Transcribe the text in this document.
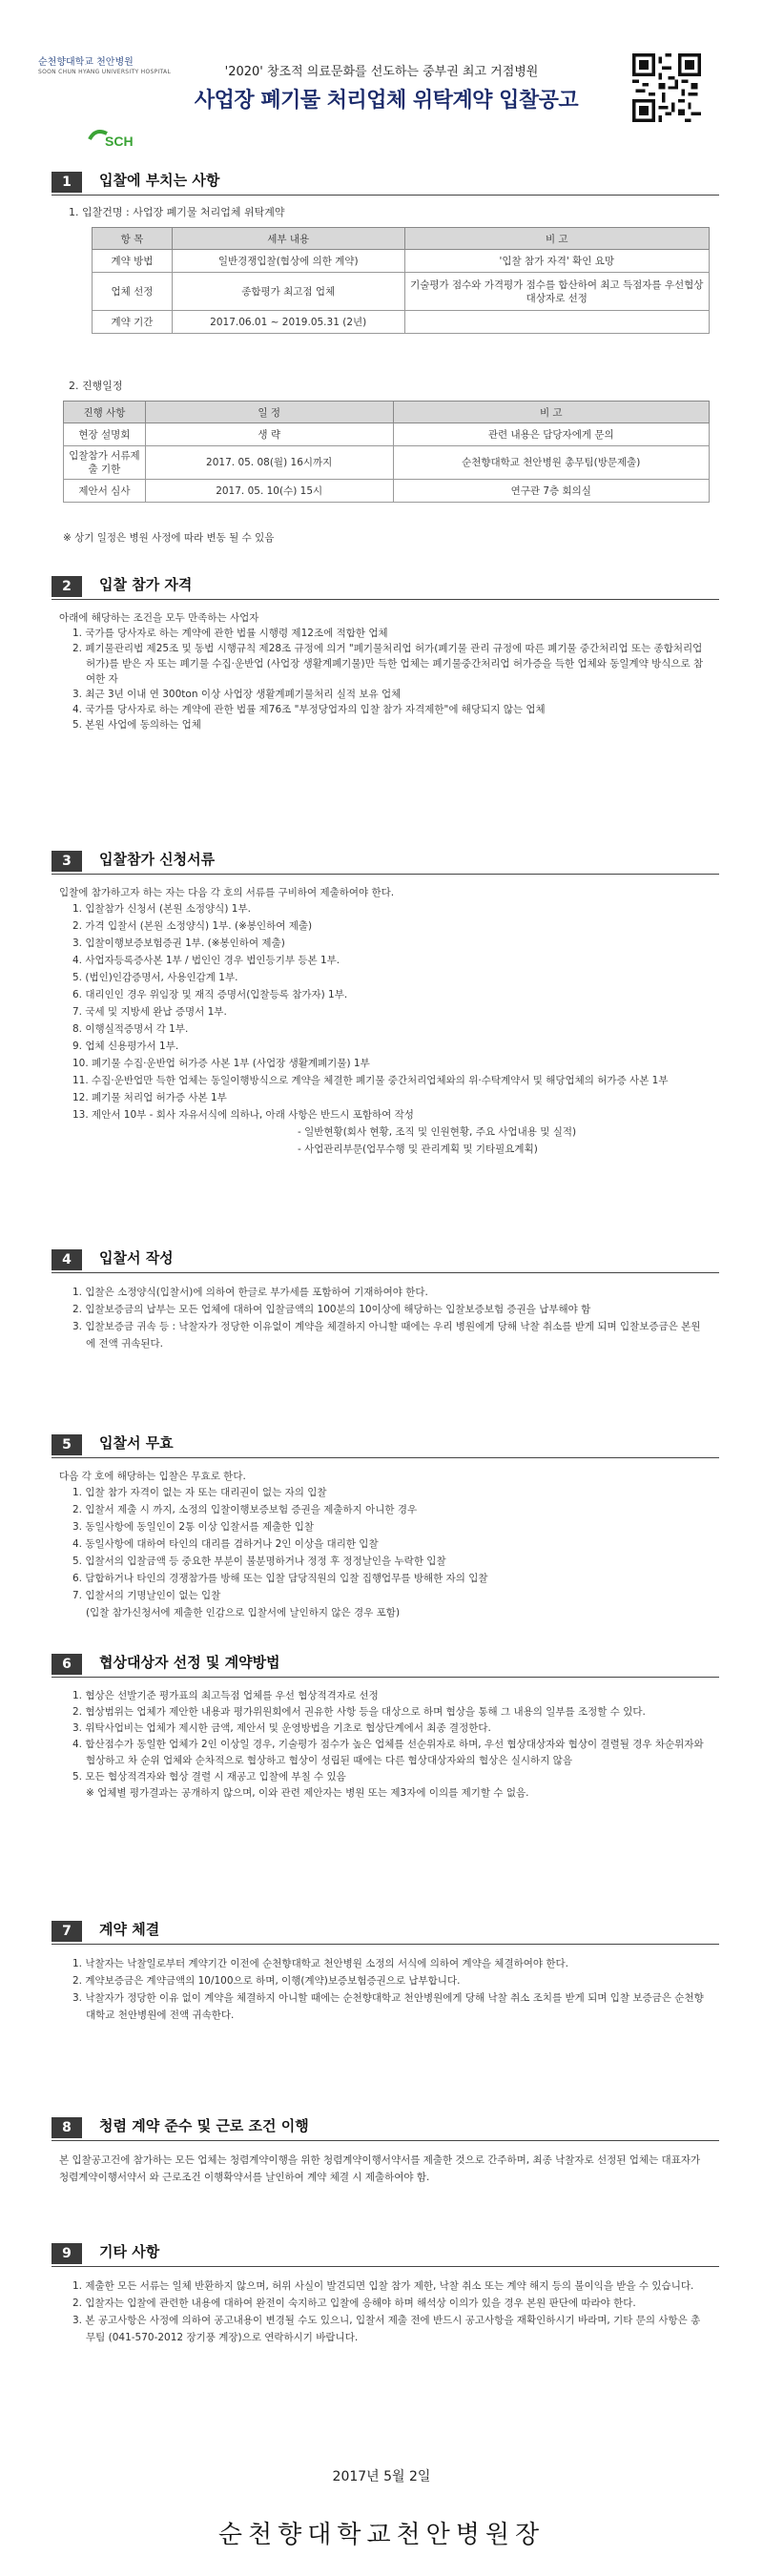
순천향대학교 천안병원
SOON CHUN HYANG UNIVERSITY HOSPITAL
SCH
'2020' 창조적 의료문화를 선도하는 중부권 최고 거점병원
사업장 폐기물 처리업체 위탁계약 입찰공고
1	입찰에 부치는 사항
1. 입찰건명 : 사업장 폐기물 처리업체 위탁계약
항 목	세부 내용	비 고
계약 방법	일반경쟁입찰(협상에 의한 계약)	'입찰 참가 자격' 확인 요망
업체 선정	종합평가 최고점 업체	기술평가 점수와 가격평가 점수를 합산하여 최고 득점자를 우선협상 대상자로 선정
계약 기간	2017.06.01 ~ 2019.05.31 (2년)	
2. 진행일정
진행 사항	일 정	비 고
현장 설명회	생 략	관련 내용은 담당자에게 문의
입찰참가 서류제출 기한	2017. 05. 08(월) 16시까지	순천향대학교 천안병원 총무팀(방문제출)
제안서 심사	2017. 05. 10(수) 15시	연구관 7층 회의실
※ 상기 일정은 병원 사정에 따라 변동 될 수 있음
2	입찰 참가 자격
아래에 해당하는 조건을 모두 만족하는 사업자
1. 국가를 당사자로 하는 계약에 관한 법률 시행령 제12조에 적합한 업체
2. 폐기물관리법 제25조 및 동법 시행규칙 제28조 규정에 의거 "폐기물처리업 허가(폐기물 관리 규정에 따른 폐기물 중간처리업 또는 종합처리업 허가)를 받은 자 또는 폐기물 수집·운반업 (사업장 생활계폐기물)만 득한 업체는 폐기물중간처리업 허가증을 득한 업체와 동일계약 방식으로 참여한 자
3. 최근 3년 이내 연 300ton 이상 사업장 생활계폐기물처리 실적 보유 업체
4. 국가를 당사자로 하는 계약에 관한 법률 제76조 "부정당업자의 입찰 참가 자격제한"에 해당되지 않는 업체
5. 본원 사업에 동의하는 업체
3	입찰참가 신청서류
입찰에 참가하고자 하는 자는 다음 각 호의 서류를 구비하여 제출하여야 한다.
1. 입찰참가 신청서 (본원 소정양식) 1부.
2. 가격 입찰서 (본원 소정양식) 1부. (※봉인하여 제출)
3. 입찰이행보증보험증권 1부. (※봉인하여 제출)
4. 사업자등록증사본 1부 / 법인인 경우 법인등기부 등본 1부.
5. (법인)인감증명서, 사용인감계 1부.
6. 대리인인 경우 위임장 및 재직 증명서(입찰등록 참가자) 1부.
7. 국세 및 지방세 완납 증명서 1부.
8. 이행실적증명서 각 1부.
9. 업체 신용평가서 1부.
10. 폐기물 수집·운반업 허가증 사본 1부 (사업장 생활계폐기물) 1부
11. 수집·운반업만 득한 업체는 동일이행방식으로 계약을 체결한 폐기물 중간처리업체와의 위·수탁계약서 및 해당업체의 허가증 사본 1부
12. 폐기물 처리업 허가증 사본 1부
13. 제안서 10부 - 회사 자유서식에 의하나, 아래 사항은 반드시 포함하여 작성
- 일반현황(회사 현황, 조직 및 인원현황, 주요 사업내용 및 실적)
- 사업관리부문(업무수행 및 관리계획 및 기타필요계획)
4	입찰서 작성
1. 입찰은 소정양식(입찰서)에 의하여 한글로 부가세를 포함하여 기재하여야 한다.
2. 입찰보증금의 납부는 모든 업체에 대하여 입찰금액의 100분의 10이상에 해당하는 입찰보증보험 증권을 납부해야 함
3. 입찰보증금 귀속 등 : 낙찰자가 정당한 이유없이 계약을 체결하지 아니할 때에는 우리 병원에게 당해 낙찰 취소를 받게 되며 입찰보증금은 본원에 전액 귀속된다.
5	입찰서 무효
다음 각 호에 해당하는 입찰은 무효로 한다.
1. 입찰 참가 자격이 없는 자 또는 대리권이 없는 자의 입찰
2. 입찰서 제출 시 까지, 소정의 입찰이행보증보험 증권을 제출하지 아니한 경우
3. 동일사항에 동일인이 2통 이상 입찰서를 제출한 입찰
4. 동일사항에 대하여 타인의 대리를 겸하거나 2인 이상을 대리한 입찰
5. 입찰서의 입찰금액 등 중요한 부분이 불분명하거나 정정 후 정정날인을 누락한 입찰
6. 담합하거나 타인의 경쟁참가를 방해 또는 입찰 담당직원의 입찰 집행업무를 방해한 자의 입찰
7. 입찰서의 기명날인이 없는 입찰
(입찰 참가신청서에 제출한 인감으로 입찰서에 날인하지 않은 경우 포함)
6	협상대상자 선정 및 계약방법
1. 협상은 선발기준 평가표의 최고득점 업체를 우선 협상적격자로 선정
2. 협상범위는 업체가 제안한 내용과 평가위원회에서 권유한 사항 등을 대상으로 하며 협상을 통해 그 내용의 일부를 조정할 수 있다.
3. 위탁사업비는 업체가 제시한 금액, 제안서 및 운영방법을 기초로 협상단계에서 최종 결정한다.
4. 합산점수가 동일한 업체가 2인 이상일 경우, 기술평가 점수가 높은 업체를 선순위자로 하며, 우선 협상대상자와 협상이 결렬될 경우 차순위자와 협상하고 차 순위 업체와 순차적으로 협상하고 협상이 성립된 때에는 다른 협상대상자와의 협상은 실시하지 않음
5. 모든 협상적격자와 협상 결렬 시 재공고 입찰에 부칠 수 있음
※ 업체별 평가결과는 공개하지 않으며, 이와 관련 제안자는 병원 또는 제3자에 이의를 제기할 수 없음.
7	계약 체결
1. 낙찰자는 낙찰일로부터 계약기간 이전에 순천향대학교 천안병원 소정의 서식에 의하여 계약을 체결하여야 한다.
2. 계약보증금은 계약금액의 10/100으로 하며, 이행(계약)보증보험증권으로 납부합니다.
3. 낙찰자가 정당한 이유 없이 계약을 체결하지 아니할 때에는 순천향대학교 천안병원에게 당해 낙찰 취소 조치를 받게 되며 입찰 보증금은 순천향대학교 천안병원에 전액 귀속한다.
8	청렴 계약 준수 및 근로 조건 이행
본 입찰공고건에 참가하는 모든 업체는 청렴계약이행을 위한 청렴계약이행서약서를 제출한 것으로 간주하며, 최종 낙찰자로 선정된 업체는 대표자가 청렴계약이행서약서 와 근로조건 이행확약서를 날인하여 계약 체결 시 제출하여야 함.
9	기타 사항
1. 제출한 모든 서류는 일체 반환하지 않으며, 허위 사실이 발견되면 입찰 참가 제한, 낙찰 취소 또는 계약 해지 등의 불이익을 받을 수 있습니다.
2. 입찰자는 입찰에 관련한 내용에 대하여 완전이 숙지하고 입찰에 응해야 하며 해석상 이의가 있을 경우 본원 판단에 따라야 한다.
3. 본 공고사항은 사정에 의하여 공고내용이 변경될 수도 있으니, 입찰서 제출 전에 반드시 공고사항을 재확인하시기 바라며, 기타 문의 사항은 총무팀 (041-570-2012 장기풍 계장)으로 연락하시기 바랍니다.
2017년 5월 2일
순천향대학교천안병원장
